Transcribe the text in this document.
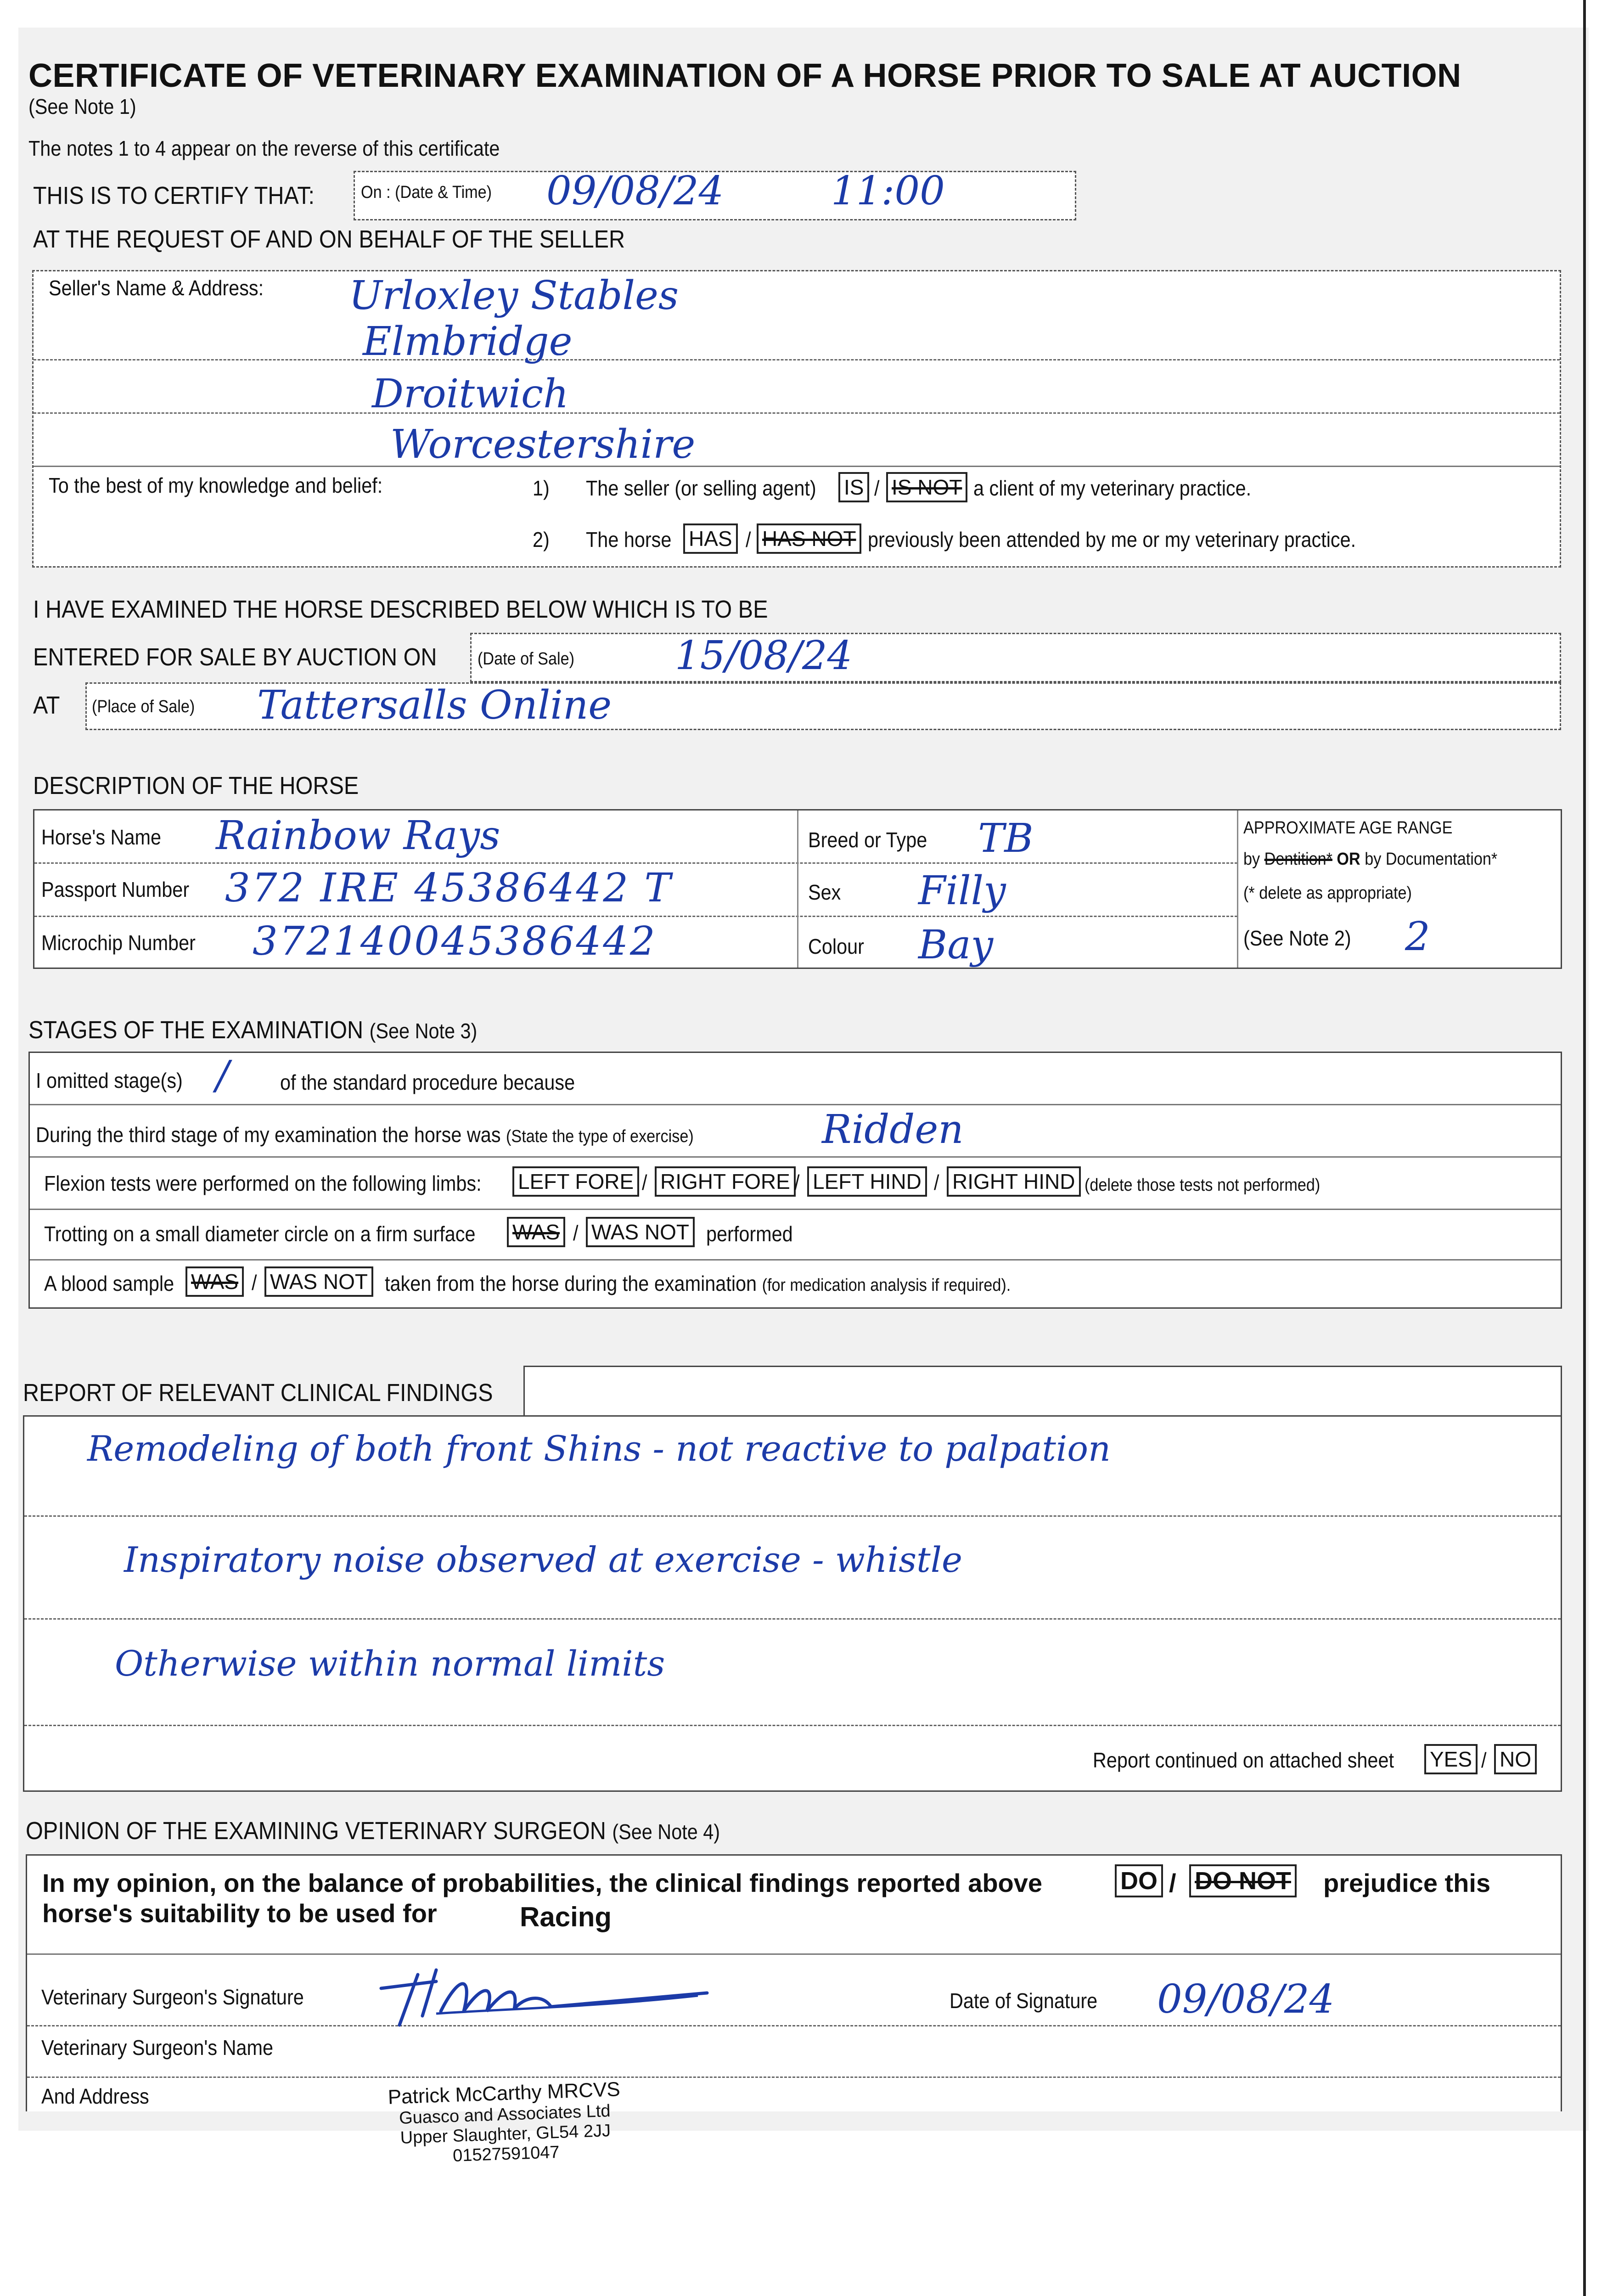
CERTIFICATE OF VETERINARY EXAMINATION OF A HORSE PRIOR TO SALE AT AUCTION
(See Note 1)
The notes 1 to 4 appear on the reverse of this certificate
THIS IS TO CERTIFY THAT:	On : (Date & Time) 09/08/24	11:00
AT THE REQUEST OF AND ON BEHALF OF THE SELLER
Seller's Name & Address: Urloxley Stables
Elmbridge
Droitwich
Worcestershire
To the best of my knowledge and belief:	1) The seller (or selling agent) IS / IS NOT a client of my veterinary practice.
2) The horse HAS / HAS NOT previously been attended by me or my veterinary practice.
I HAVE EXAMINED THE HORSE DESCRIBED BELOW WHICH IS TO BE
ENTERED FOR SALE BY AUCTION ON (Date of Sale)	15/08/24
AT (Place of Sale) Tattersalls Online
DESCRIPTION OF THE HORSE
Horse's Name Rainbow Rays
Passport Number 372 IRE 45386442 T
Microchip Number 372140045386442
Breed or Type TB
Sex Filly
Colour Bay
APPROXIMATE AGE RANGE
by Dentition* OR by Documentation*
(* delete as appropriate)
(See Note 2) 2
STAGES OF THE EXAMINATION (See Note 3)
I omitted stage(s) / of the standard procedure because
During the third stage of my examination the horse was (State the type of exercise)	Ridden
Flexion tests were performed on the following limbs: LEFT FORE / RIGHT FORE / LEFT HIND / RIGHT HIND (delete those tests not performed)
Trotting on a small diameter circle on a firm surface WAS / WAS NOT performed
A blood sample WAS / WAS NOT taken from the horse during the examination (for medication analysis if required).
REPORT OF RELEVANT CLINICAL FINDINGS
Remodeling of both front Shins - not reactive to palpation
Inspiratory noise observed at exercise - whistle
Otherwise within normal limits
Report continued on attached sheet YES / NO
OPINION OF THE EXAMINING VETERINARY SURGEON (See Note 4)
In my opinion, on the balance of probabilities, the clinical findings reported above	DO / DO NOT prejudice this
horse's suitability to be used for	Racing
Veterinary Surgeon's Signature	Date of Signature 09/08/24
Veterinary Surgeon's Name
And Address	Patrick McCarthy MRCVS
Guasco and Associates Ltd
Upper Slaughter, GL54 2JJ
01527591047
